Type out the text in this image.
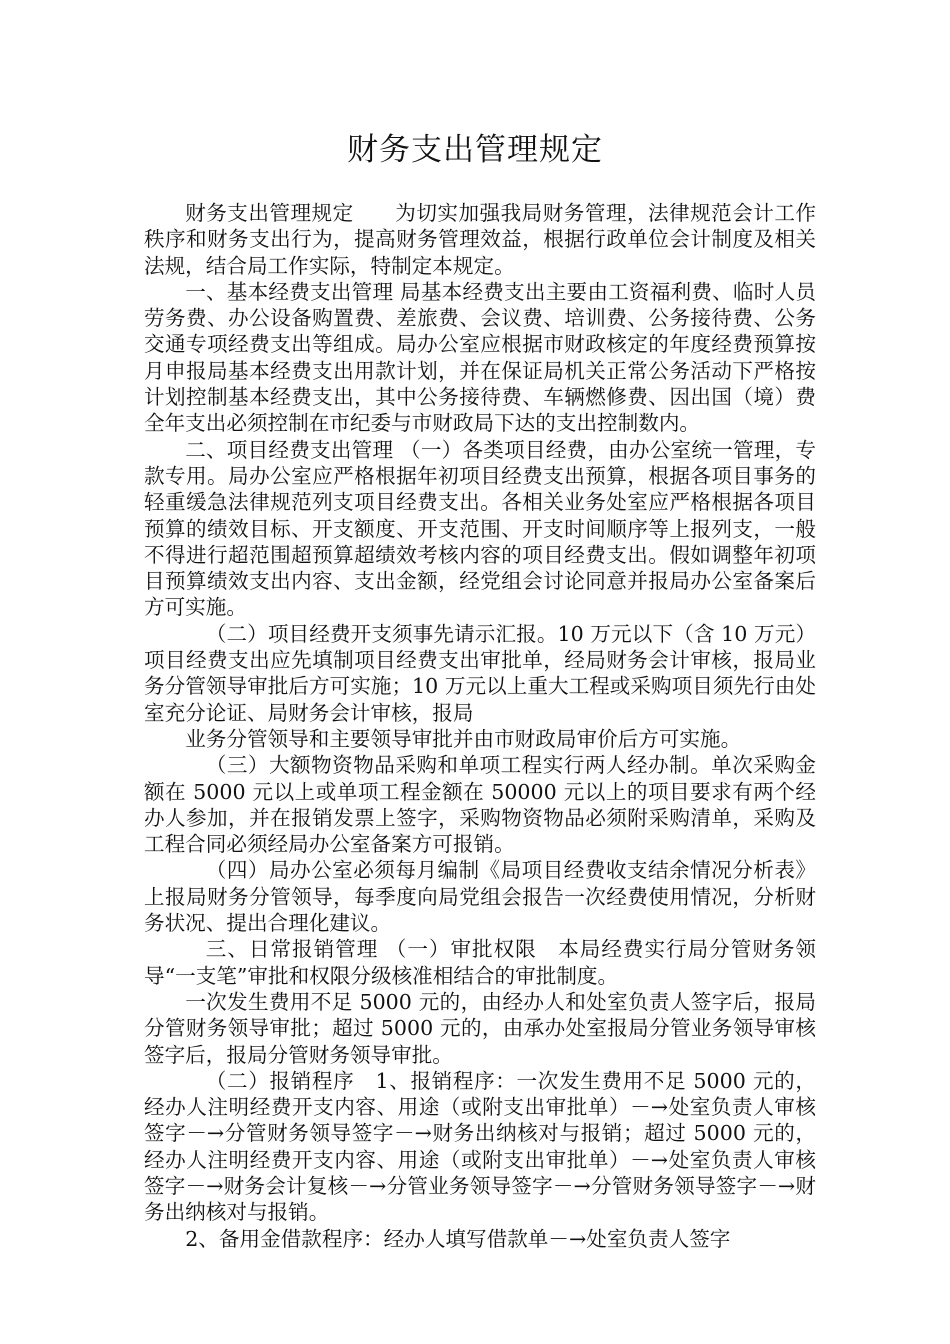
财务支出管理规定

财务支出管理规定 为切实加强我局财务管理，法律规范会计工作秩序和财务支出行为，提高财务管理效益，根据行政单位会计制度及相关法规，结合局工作实际，特制定本规定。

一、基本经费支出管理 局基本经费支出主要由工资福利费、临时人员劳务费、办公设备购置费、差旅费、会议费、培训费、公务接待费、公务交通专项经费支出等组成。局办公室应根据市财政核定的年度经费预算按月申报局基本经费支出用款计划，并在保证局机关正常公务活动下严格按计划控制基本经费支出，其中公务接待费、车辆燃修费、因出国（境）费全年支出必须控制在市纪委与市财政局下达的支出控制数内。

二、项目经费支出管理 （一）各类项目经费，由办公室统一管理，专款专用。局办公室应严格根据年初项目经费支出预算，根据各项目事务的轻重缓急法律规范列支项目经费支出。各相关业务处室应严格根据各项目预算的绩效目标、开支额度、开支范围、开支时间顺序等上报列支，一般不得进行超范围超预算超绩效考核内容的项目经费支出。假如调整年初项目预算绩效支出内容、支出金额，经党组会讨论同意并报局办公室备案后方可实施。

（二）项目经费开支须事先请示汇报。10 万元以下（含 10 万元）项目经费支出应先填制项目经费支出审批单，经局财务会计审核，报局业务分管领导审批后方可实施；10 万元以上重大工程或采购项目须先行由处室充分论证、局财务会计审核，报局

业务分管领导和主要领导审批并由市财政局审价后方可实施。

（三）大额物资物品采购和单项工程实行两人经办制。单次采购金额在 5000 元以上或单项工程金额在 50000 元以上的项目要求有两个经办人参加，并在报销发票上签字，采购物资物品必须附采购清单，采购及工程合同必须经局办公室备案方可报销。

（四）局办公室必须每月编制《局项目经费收支结余情况分析表》上报局财务分管领导，每季度向局党组会报告一次经费使用情况，分析财务状况、提出合理化建议。

三、日常报销管理 （一）审批权限　本局经费实行局分管财务领导“一支笔”审批和权限分级核准相结合的审批制度。

一次发生费用不足 5000 元的，由经办人和处室负责人签字后，报局分管财务领导审批；超过 5000 元的，由承办处室报局分管业务领导审核签字后，报局分管财务领导审批。

（二）报销程序　1、报销程序：一次发生费用不足 5000 元的，经办人注明经费开支内容、用途（或附支出审批单）－→处室负责人审核签字－→分管财务领导签字－→财务出纳核对与报销；超过 5000 元的，经办人注明经费开支内容、用途（或附支出审批单）－→处室负责人审核签字－→财务会计复核－→分管业务领导签字－→分管财务领导签字－→财务出纳核对与报销。

2、备用金借款程序：经办人填写借款单－→处室负责人签字
